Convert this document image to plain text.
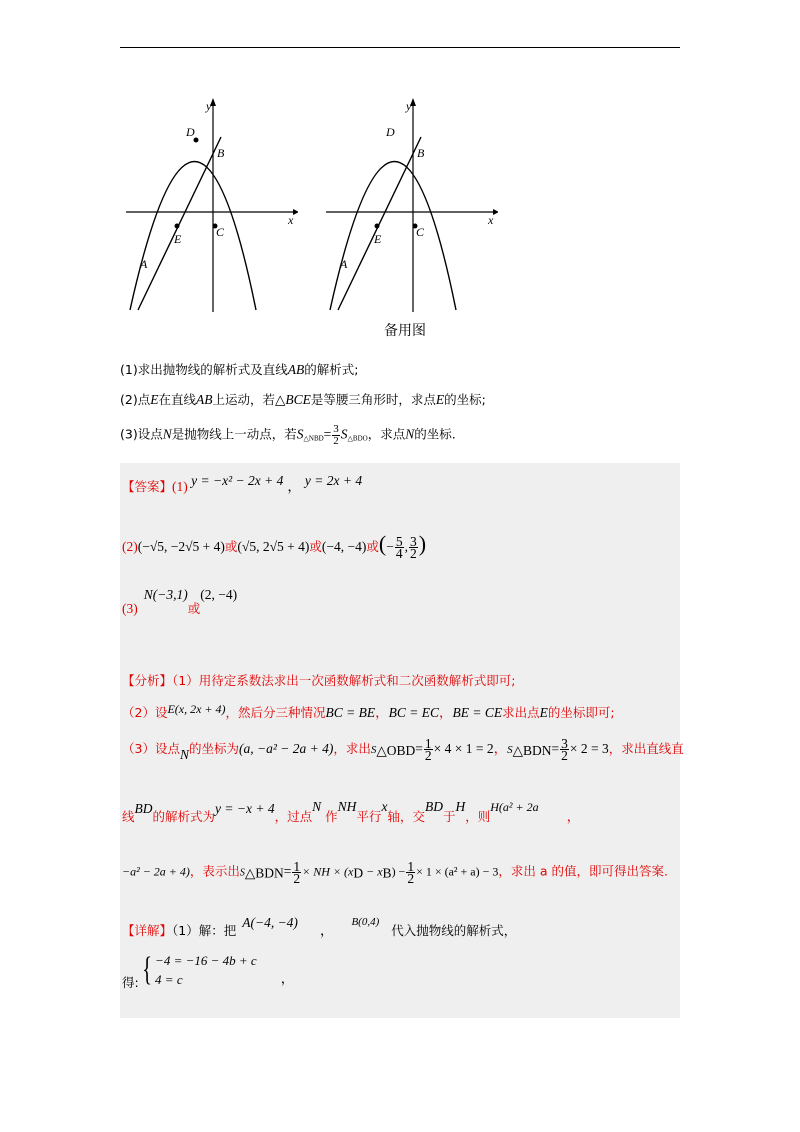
y
x
D
B
E	C
A
y
x
D
B
E	C
A
备用图
(1)求出抛物线的解析式及直线AB的解析式;
(2)点E在直线AB上运动，若△BCE是等腰三角形时，求点E的坐标;
(3)设点N是抛物线上一动点，若$S_{\triangle NBD}= \frac{3}{2} S_{\triangle BDO}$，求点N的坐标.
【答案】(1) y = −x² − 2x + 4 ， y = 2x + 4
(2)(−√5, −2√5 + 4)或(√5, 2√5 + 4)或(−4, −4)或(− $\frac{5}{4}$ , $\frac{3}{2}$ )
(3)N(−3,1)或(2, −4)
【分析】（1）用待定系数法求出一次函数解析式和二次函数解析式即可;
（2）设E(x, 2x + 4)，然后分三种情况BC = BE，BC = EC，BE = CE求出点E的坐标即可;
（3）设点N的坐标为(a, −a² − 2a + 4)，求出S△OBD= $\frac{1}{2} \times 4 \times 1 = 2$，S△BDN= $\frac{3}{2} \times 2 = 3$，求出直线直
线BD的解析式为y = −x + 4，过点N作NH平行x轴，交BD于H，则H(a² + 2a，
−a² − 2a + 4)，表示出S△BDN= $\frac{1}{2}$ × NH × $(xD - xB) - \frac{1}{2} \times 1 \times (a^2 + a) - 3$，求出 a 的值，即可得出答案.
【详解】（1）解：把A(−4, −4)，$^{B(0,4)}$代入抛物线的解析式，
得:{ −4 = −16 − 4b + c
4 = c	，
